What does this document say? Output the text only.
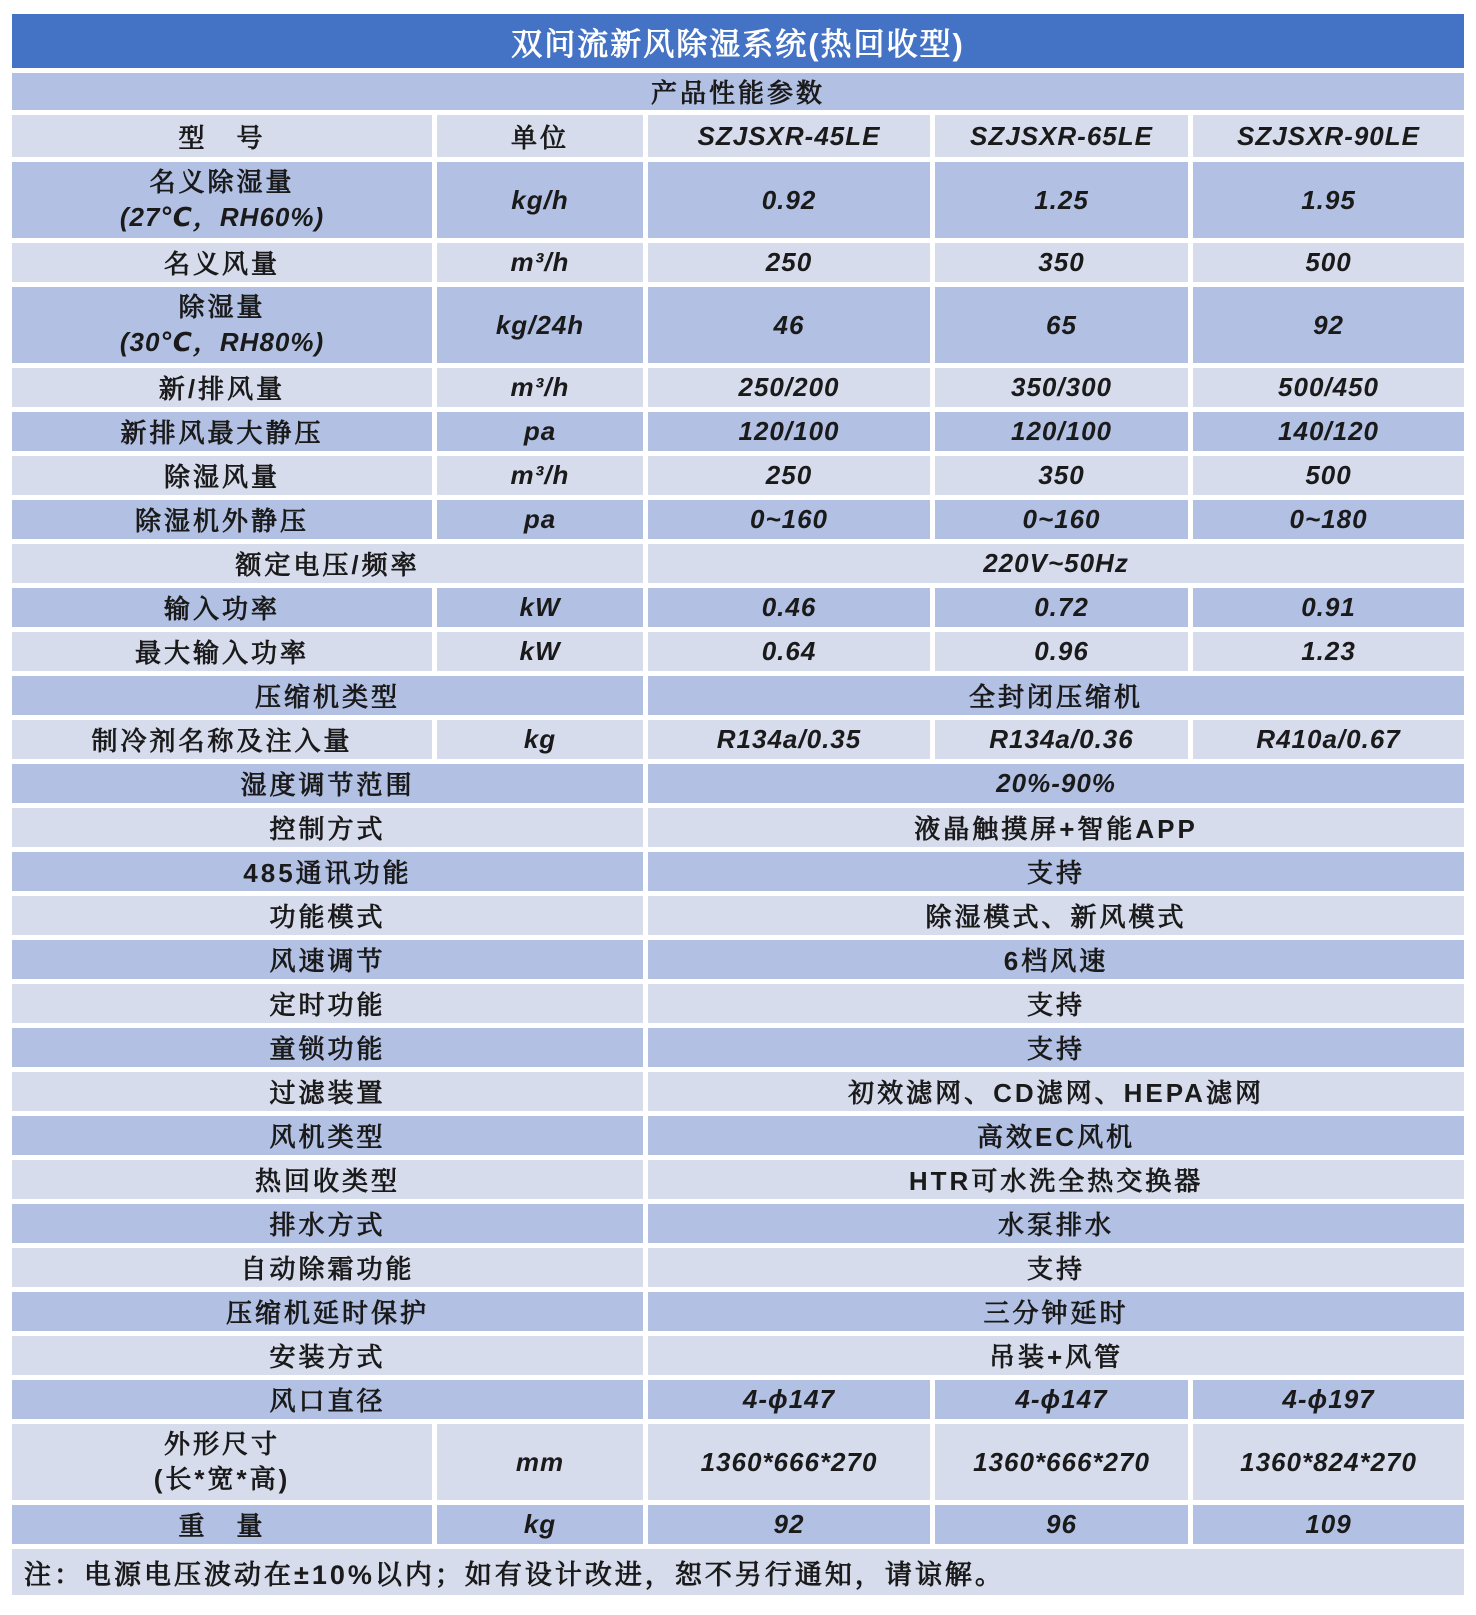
双问流新风除湿系统(热回收型)				
产品性能参数				
型　号	单位	SZJSXR-45LE	SZJSXR-65LE	SZJSXR-90LE

名义除湿量
(27℃，RH60%)	kg/h	0.92	1.25	1.95
名义风量	m³/h	250	350	500

除湿量
(30℃，RH80%)	kg/24h	46	65	92
新/排风量	m³/h	250/200	350/300	500/450
新排风最大静压	pa	120/100	120/100	140/120
除湿风量	m³/h	250	350	500
除湿机外静压	pa	0~160	0~160	0~180
额定电压/频率		220V~50Hz		
输入功率	kW	0.46	0.72	0.91
最大输入功率	kW	0.64	0.96	1.23
压缩机类型		全封闭压缩机		
制冷剂名称及注入量	kg	R134a/0.35	R134a/0.36	R410a/0.67
湿度调节范围		20%-90%		
控制方式		液晶触摸屏+智能APP		
485通讯功能		支持		
功能模式		除湿模式、新风模式		
风速调节		6档风速		
定时功能		支持		
童锁功能		支持		
过滤装置		初效滤网、CD滤网、HEPA滤网		
风机类型		高效EC风机		
热回收类型		HTR可水洗全热交换器		
排水方式		水泵排水		
自动除霜功能		支持		
压缩机延时保护		三分钟延时		
安装方式		吊装+风管		
风口直径		4-ϕ147	4-ϕ147	4-ϕ197

外形尺寸
(长*宽*高)	mm	1360*666*270	1360*666*270	1360*824*270
重　量	kg	92	96	109
注：电源电压波动在±10%以内；如有设计改进，恕不另行通知，请谅解。				
